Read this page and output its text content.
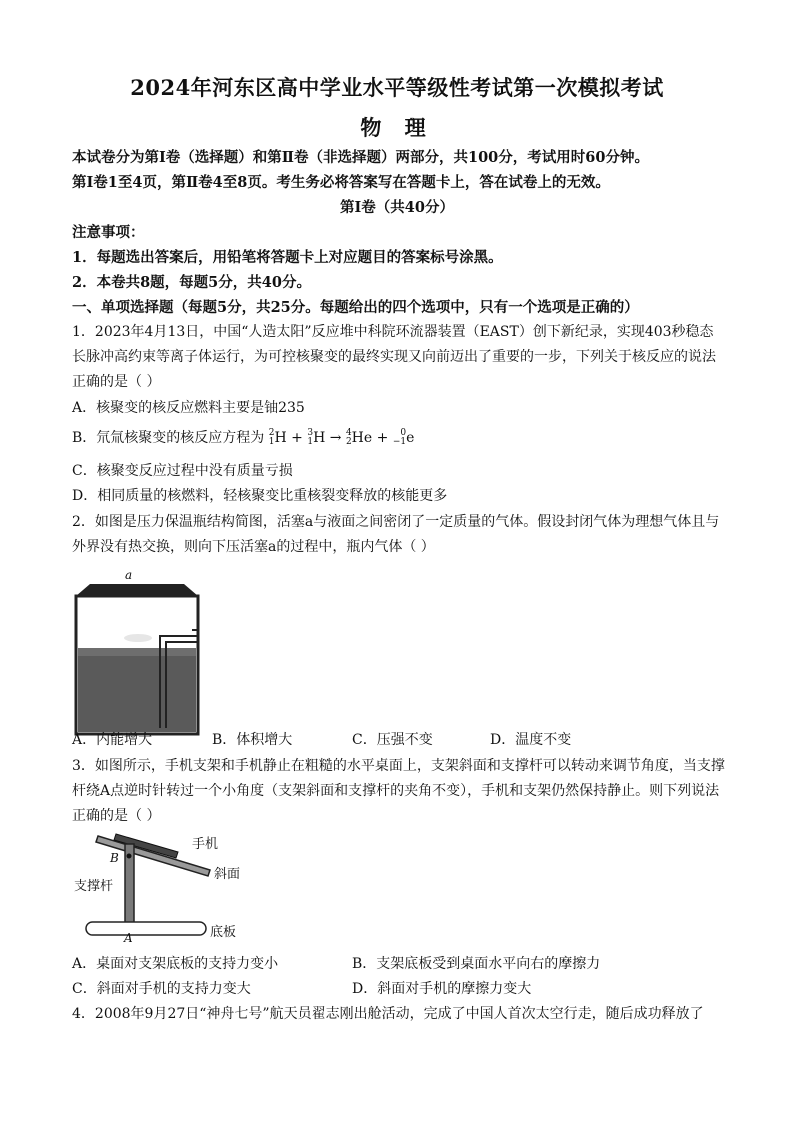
2024年河东区高中学业水平等级性考试第一次模拟考试
物 理
本试卷分为第Ⅰ卷（选择题）和第Ⅱ卷（非选择题）两部分，共100分，考试用时60分钟。
第Ⅰ卷1至4页，第Ⅱ卷4至8页。考生务必将答案写在答题卡上，答在试卷上的无效。
第Ⅰ卷（共40分）
注意事项：
1．每题选出答案后，用铅笔将答题卡上对应题目的答案标号涂黑。
2．本卷共8题，每题5分，共40分。
一、单项选择题（每题5分，共25分。每题给出的四个选项中，只有一个选项是正确的）
1．2023年4月13日，中国“人造太阳”反应堆中科院环流器装置（EAST）创下新纪录，实现403秒稳态
长脉冲高约束等离子体运行，为可控核聚变的最终实现又向前迈出了重要的一步，下列关于核反应的说法
正确的是（ ）
A．核聚变的核反应燃料主要是铀235
B．氘氚核聚变的核反应方程为 2
1H + 3
1H → 4
2He + 0
−1e
C．核聚变反应过程中没有质量亏损
D．相同质量的核燃料，轻核聚变比重核裂变释放的核能更多
2．如图是压力保温瓶结构简图，活塞a与液面之间密闭了一定质量的气体。假设封闭气体为理想气体且与
外界没有热交换，则向下压活塞a的过程中，瓶内气体（ ）
a
A．内能增大	B．体积增大	C．压强不变	D．温度不变
3．如图所示，手机支架和手机静止在粗糙的水平桌面上，支架斜面和支撑杆可以转动来调节角度，当支撑
杆绕A点逆时针转过一个小角度（支架斜面和支撑杆的夹角不变），手机和支架仍然保持静止。则下列说法
正确的是（ ）
手机
斜面
支撑杆
底板
B
A
A．桌面对支架底板的支持力变小	B．支架底板受到桌面水平向右的摩擦力
C．斜面对手机的支持力变大	D．斜面对手机的摩擦力变大
4．2008年9月27日“神舟七号”航天员翟志刚出舱活动，完成了中国人首次太空行走，随后成功释放了
